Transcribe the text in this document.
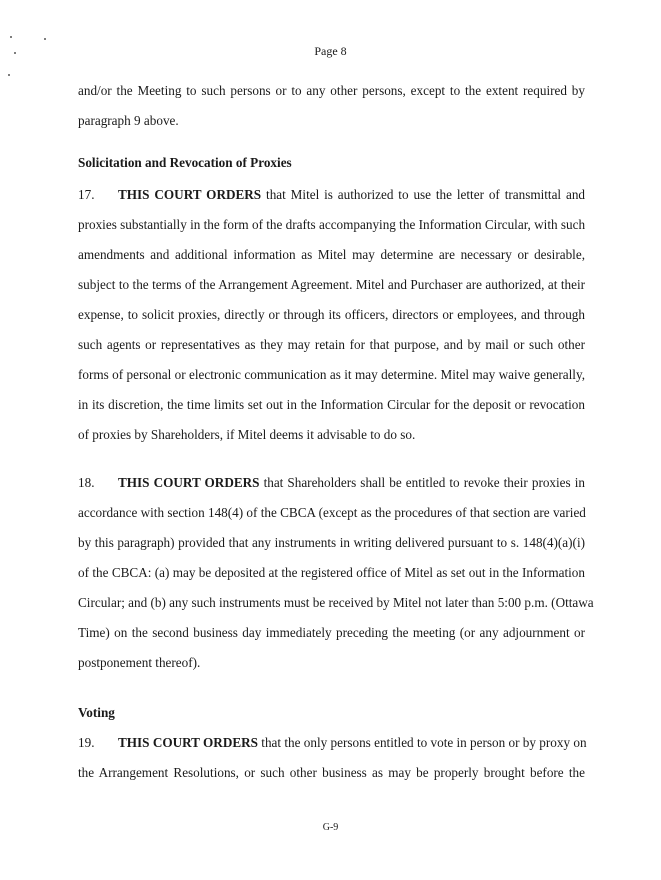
Page 8
and/or the Meeting to such persons or to any other persons, except to the extent required by
paragraph 9 above.
Solicitation and Revocation of Proxies
17. THIS COURT ORDERS that Mitel is authorized to use the letter of transmittal and
proxies substantially in the form of the drafts accompanying the Information Circular, with such
amendments and additional information as Mitel may determine are necessary or desirable,
subject to the terms of the Arrangement Agreement. Mitel and Purchaser are authorized, at their
expense, to solicit proxies, directly or through its officers, directors or employees, and through
such agents or representatives as they may retain for that purpose, and by mail or such other
forms of personal or electronic communication as it may determine. Mitel may waive generally,
in its discretion, the time limits set out in the Information Circular for the deposit or revocation
of proxies by Shareholders, if Mitel deems it advisable to do so.
18. THIS COURT ORDERS that Shareholders shall be entitled to revoke their proxies in
accordance with section 148(4) of the CBCA (except as the procedures of that section are varied
by this paragraph) provided that any instruments in writing delivered pursuant to s. 148(4)(a)(i)
of the CBCA: (a) may be deposited at the registered office of Mitel as set out in the Information
Circular; and (b) any such instruments must be received by Mitel not later than 5:00 p.m. (Ottawa
Time) on the second business day immediately preceding the meeting (or any adjournment or
postponement thereof).
Voting
19. THIS COURT ORDERS that the only persons entitled to vote in person or by proxy on
the Arrangement Resolutions, or such other business as may be properly brought before the
G-9
